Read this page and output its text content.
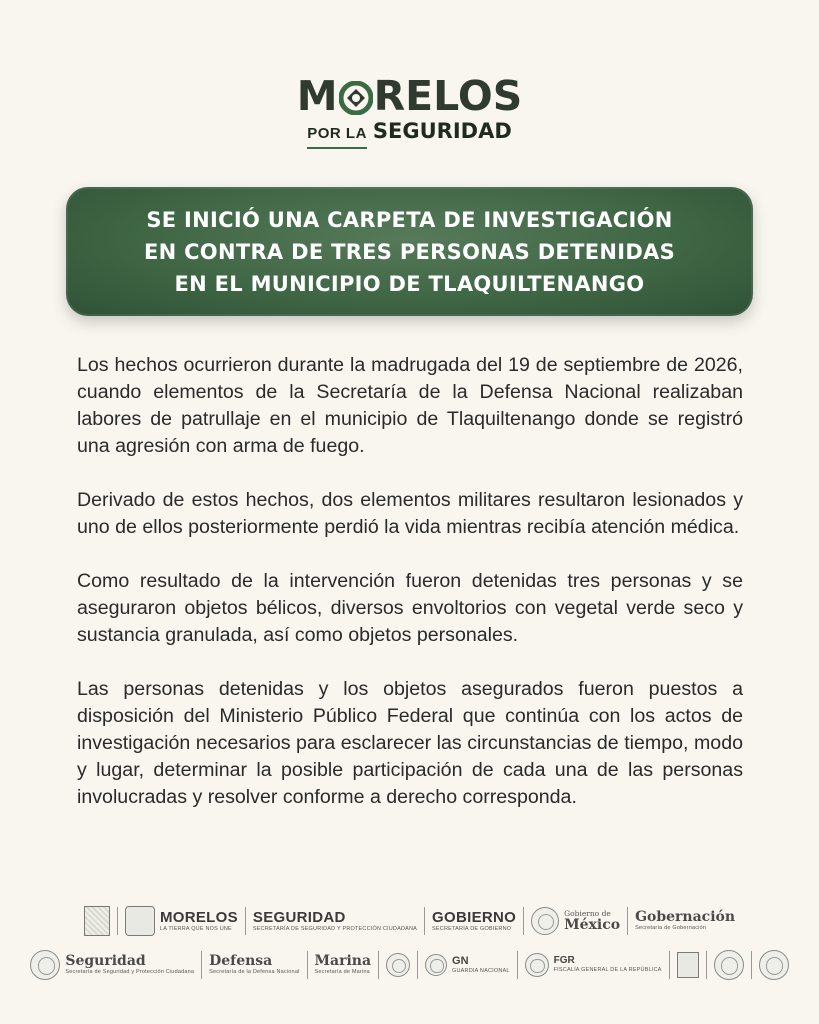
M RELOS

POR LA SEGURIDAD
SE INICIÓ UNA CARPETA DE INVESTIGACIÓN
EN CONTRA DE TRES PERSONAS DETENIDAS
EN EL MUNICIPIO DE TLAQUILTENANGO

Los hechos ocurrieron durante la madrugada del 19 de septiembre de 2026, cuando elementos de la Secretaría de la Defensa Nacional realizaban labores de patrullaje en el municipio de Tlaquiltenango donde se registró una agresión con arma de fuego.

Derivado de estos hechos, dos elementos militares resultaron lesionados y uno de ellos posteriormente perdió la vida mientras recibía atención médica.

Como resultado de la intervención fueron detenidas tres personas y se aseguraron objetos bélicos, diversos envoltorios con vegetal verde seco y sustancia granulada, así como objetos personales.

Las personas detenidas y los objetos asegurados fueron puestos a disposición del Ministerio Público Federal que continúa con los actos de investigación necesarios para esclarecer las circunstancias de tiempo, modo y lugar, determinar la posible participación de cada una de las personas involucradas y resolver conforme a derecho corresponda.

MORELOS
LA TIERRA QUE NOS UNE
SEGURIDAD
SECRETARÍA DE SEGURIDAD Y PROTECCIÓN CIUDADANA
GOBIERNO
SECRETARÍA DE GOBIERNO
Gobierno de
México Gobernación
Secretaría de Gobernación
Seguridad
Secretaría de Seguridad y Protección Ciudadana
Defensa
Secretaría de la Defensa Nacional
Marina
Secretaría de Marina
GN
GUARDIA NACIONAL
FGR
FISCALÍA GENERAL DE LA REPÚBLICA
